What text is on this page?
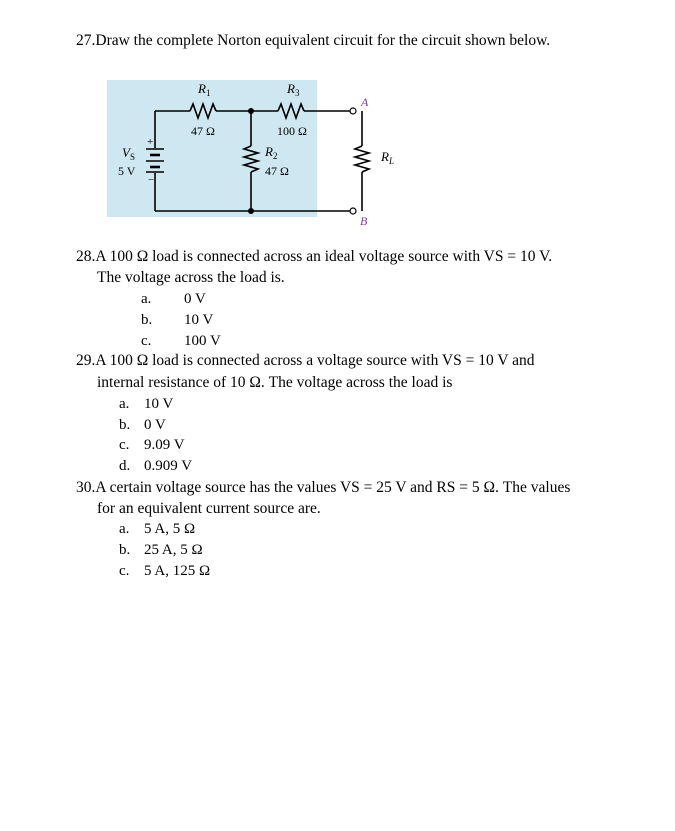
27.Draw the complete Norton equivalent circuit for the circuit shown below.
$R_1$
47 Ω
$R_3$
100 Ω
$R_2$
47 Ω
$R_L$
$V_S$
5 V
+
−
A
B
28.A 100 Ω load is connected across an ideal voltage source with VS = 10 V.
The voltage across the load is.
a. 0 V
b. 10 V
c. 100 V
29.A 100 Ω load is connected across a voltage source with VS = 10 V and
internal resistance of 10 Ω. The voltage across the load is
a. 10 V
b. 0 V
c. 9.09 V
d. 0.909 V
30.A certain voltage source has the values VS = 25 V and RS = 5 Ω. The values
for an equivalent current source are.
a. 5 A, 5 Ω
b. 25 A, 5 Ω
c. 5 A, 125 Ω
